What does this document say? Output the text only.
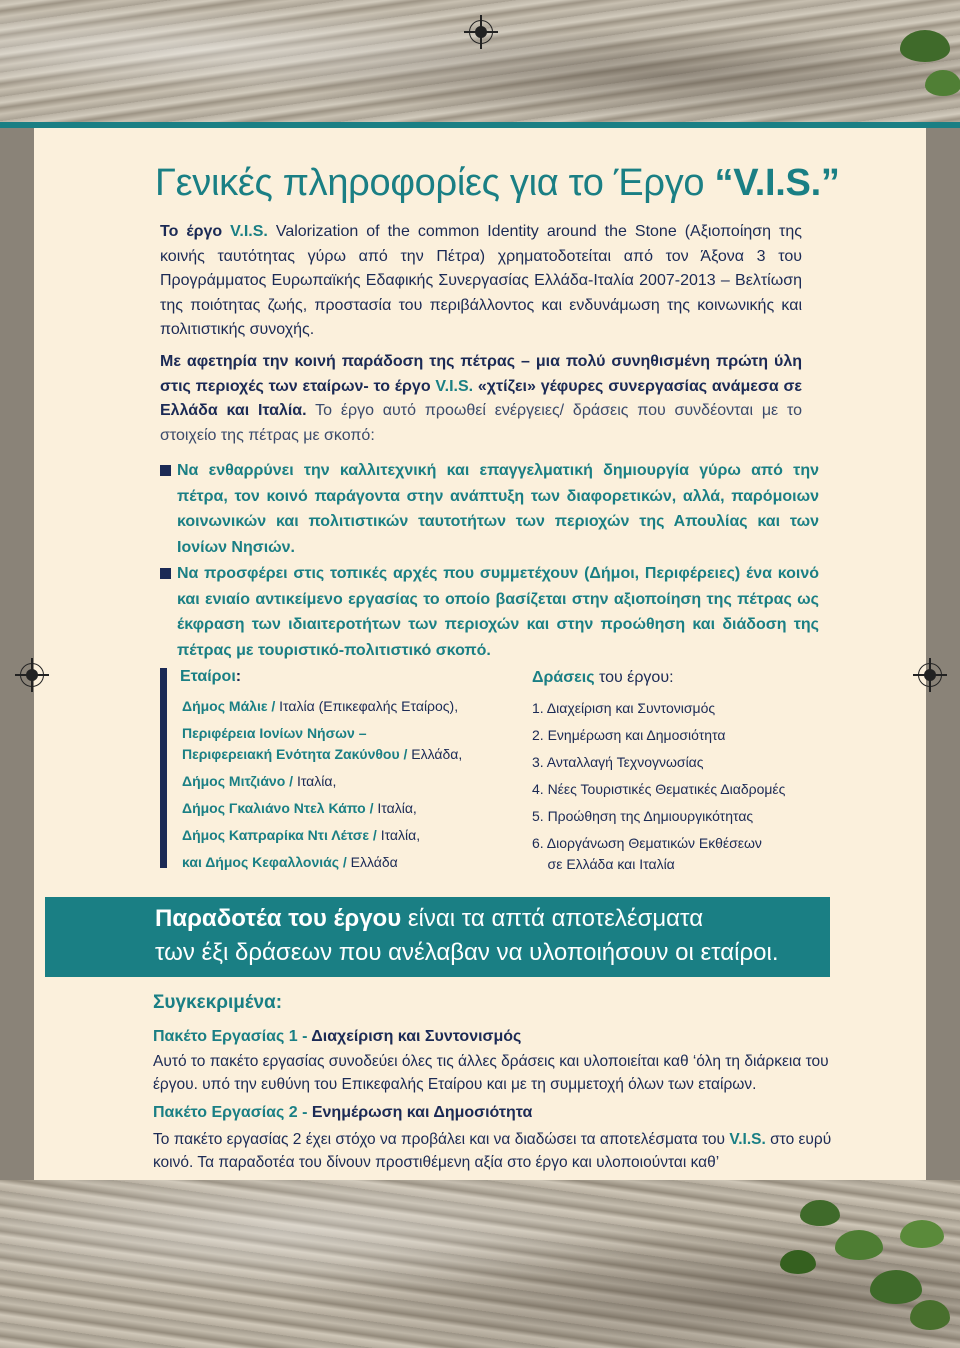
Γενικές πληροφορίες για το Έργο “V.I.S.”
Το έργο V.I.S. Valorization of the common Identity around the Stone (Αξιοποίηση της κοινής ταυτότητας γύρω από την Πέτρα) χρηματοδοτείται από τον Άξονα 3 του Προγράμματος Ευρωπαϊκής Εδαφικής Συνεργασίας Ελλάδα-Ιταλία 2007-2013 – Βελτίωση της ποιότητας ζωής, προστασία του περιβάλλοντος και ενδυνάμωση της κοινωνικής και πολιτιστικής συνοχής.
Με αφετηρία την κοινή παράδοση της πέτρας – μια πολύ συνηθισμένη πρώτη ύλη στις περιοχές των εταίρων- το έργο V.I.S. «χτίζει» γέφυρες συνεργασίας ανάμεσα σε Ελλάδα και Ιταλία. Το έργο αυτό προωθεί ενέργειες/ δράσεις που συνδέονται με το στοιχείο της πέτρας με σκοπό:
Να ενθαρρύνει την καλλιτεχνική και επαγγελματική δημιουργία γύρω από την πέτρα, τον κοινό παράγοντα στην ανάπτυξη των διαφορετικών, αλλά, παρόμοιων κοινωνικών και πολιτιστικών ταυτοτήτων των περιοχών της Απουλίας και των Ιονίων Νησιών.
Να προσφέρει στις τοπικές αρχές που συμμετέχουν (Δήμοι, Περιφέρειες) ένα κοινό και ενιαίο αντικείμενο εργασίας το οποίο βασίζεται στην αξιοποίηση της πέτρας ως έκφραση των ιδιαιτεροτήτων των περιοχών και στην προώθηση και διάδοση της πέτρας με τουριστικό-πολιτιστικό σκοπό.
Εταίροι:
Δήμος Μάλιε / Ιταλία (Επικεφαλής Εταίρος),
Περιφέρεια Ιονίων Νήσων –
Περιφερειακή Ενότητα Ζακύνθου / Ελλάδα,
Δήμος Μιτζιάνο / Ιταλία,
Δήμος Γκαλιάνο Ντελ Κάπο / Ιταλία,
Δήμος Καπραρίκα Ντι Λέτσε / Ιταλία,
και Δήμος Κεφαλλονιάς / Ελλάδα
Δράσεις του έργου:
1. Διαχείριση και Συντονισμός
2. Ενημέρωση και Δημοσιότητα
3. Ανταλλαγή Τεχνογνωσίας
4. Νέες Τουριστικές Θεματικές Διαδρομές
5. Προώθηση της Δημιουργικότητας
6. Διοργάνωση Θεματικών Εκθέσεων
σε Ελλάδα και Ιταλία
Παραδοτέα του έργου είναι τα απτά αποτελέσματα
των έξι δράσεων που ανέλαβαν να υλοποιήσουν οι εταίροι.
Συγκεκριμένα:
Πακέτο Εργασίας 1 - Διαχείριση και Συντονισμός
Αυτό το πακέτο εργασίας συνοδεύει όλες τις άλλες δράσεις και υλοποιείται καθ ‘όλη τη διάρκεια του έργου. υπό την ευθύνη του Επικεφαλής Εταίρου και με τη συμμετοχή όλων των εταίρων.
Πακέτο Εργασίας 2 - Ενημέρωση και Δημοσιότητα
Το πακέτο εργασίας 2 έχει στόχο να προβάλει και να διαδώσει τα αποτελέσματα του V.I.S. στο ευρύ κοινό. Τα παραδοτέα του δίνουν προστιθέμενη αξία στο έργο και υλοποιούνται καθ’
